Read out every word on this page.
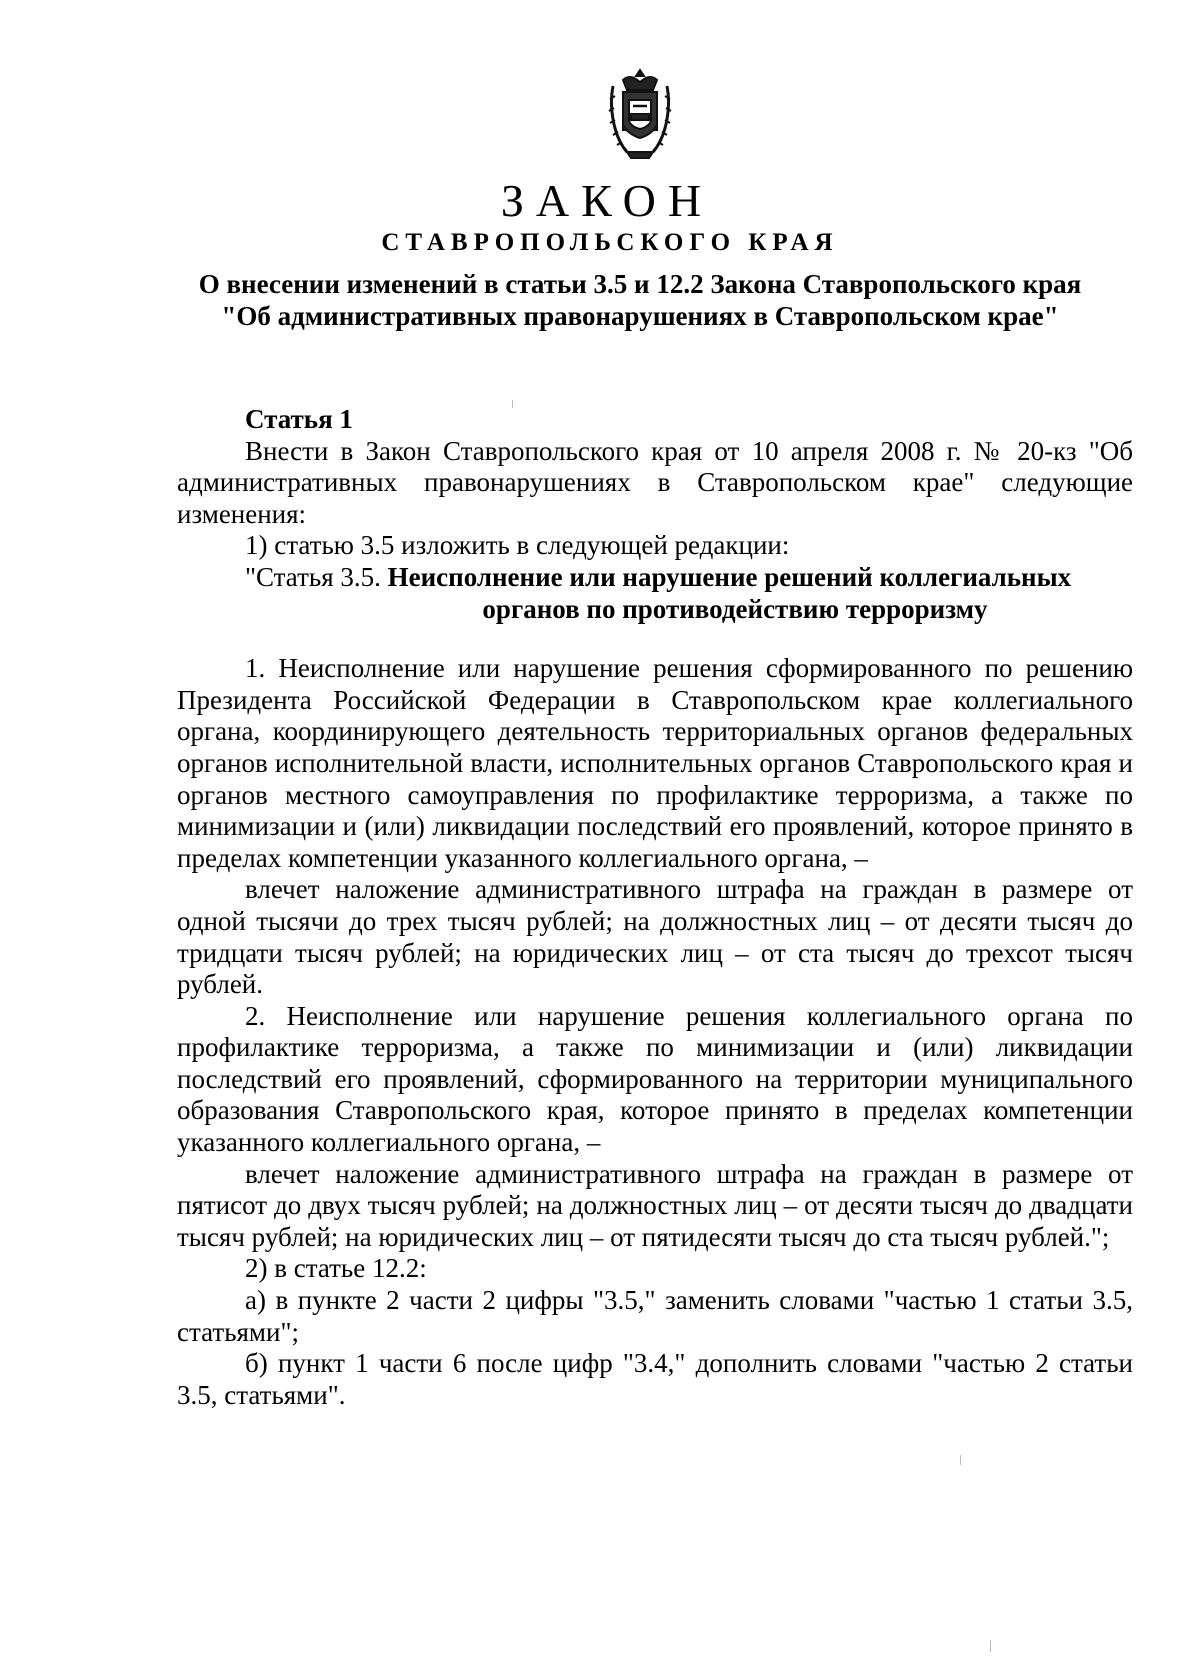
ЗАКОН
СТАВРОПОЛЬСКОГО КРАЯ
О внесении изменений в статьи 3.5 и 12.2 Закона Ставропольского края
"Об административных правонарушениях в Ставропольском крае"
Статья 1

Внести в Закон Ставропольского края от 10 апреля 2008 г. № 20-кз "Об административных правонарушениях в Ставропольском крае" следующие изменения:

1) статью 3.5 изложить в следующей редакции:

"Статья 3.5. Неисполнение или нарушение решений коллегиальных

органов по противодействию терроризму

1. Неисполнение или нарушение решения сформированного по решению Президента Российской Федерации в Ставропольском крае коллегиального органа, координирующего деятельность территориальных органов федеральных органов исполнительной власти, исполнительных органов Ставропольского края и органов местного самоуправления по профилактике терроризма, а также по минимизации и (или) ликвидации последствий его проявлений, которое принято в пределах компетенции указанного коллегиального органа, –

влечет наложение административного штрафа на граждан в размере от одной тысячи до трех тысяч рублей; на должностных лиц – от десяти тысяч до тридцати тысяч рублей; на юридических лиц – от ста тысяч до трехсот тысяч рублей.

2. Неисполнение или нарушение решения коллегиального органа по профилактике терроризма, а также по минимизации и (или) ликвидации последствий его проявлений, сформированного на территории муниципального образования Ставропольского края, которое принято в пределах компетенции указанного коллегиального органа, –

влечет наложение административного штрафа на граждан в размере от пятисот до двух тысяч рублей; на должностных лиц – от десяти тысяч до двадцати тысяч рублей; на юридических лиц – от пятидесяти тысяч до ста тысяч рублей.";

2) в статье 12.2:

а) в пункте 2 части 2 цифры "3.5," заменить словами "частью 1 статьи 3.5, статьями";

б) пункт 1 части 6 после цифр "3.4," дополнить словами "частью 2 статьи 3.5, статьями".
